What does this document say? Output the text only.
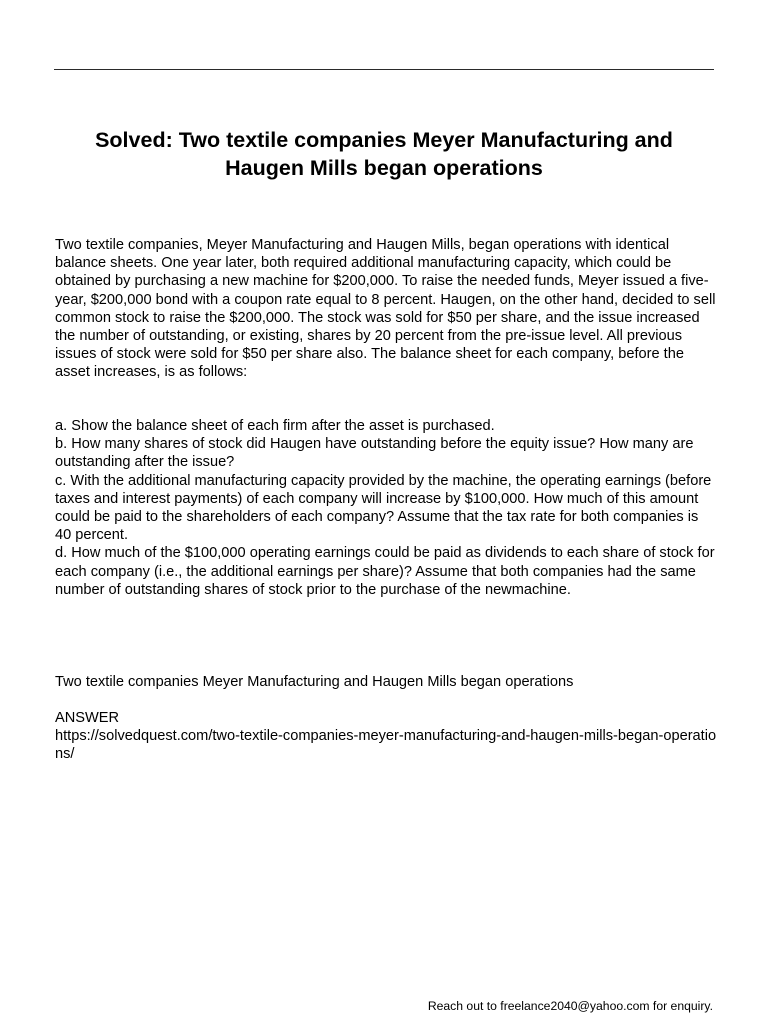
Solved: Two textile companies Meyer Manufacturing and Haugen Mills began operations

Two textile companies, Meyer Manufacturing and Haugen Mills, began operations with identical balance sheets. One year later, both required additional manufacturing capacity, which could be obtained by purchasing a new machine for $200,000. To raise the needed funds, Meyer issued a five-year, $200,000 bond with a coupon rate equal to 8 percent. Haugen, on the other hand, decided to sell common stock to raise the $200,000. The stock was sold for $50 per share, and the issue increased the number of outstanding, or existing, shares by 20 percent from the pre-issue level. All previous issues of stock were sold for $50 per share also. The balance sheet for each company, before the asset increases, is as follows:

a. Show the balance sheet of each firm after the asset is purchased.

b. How many shares of stock did Haugen have outstanding before the equity issue? How many are outstanding after the issue?

c. With the additional manufacturing capacity provided by the machine, the operating earnings (before taxes and interest payments) of each company will increase by $100,000. How much of this amount could be paid to the shareholders of each company? Assume that the tax rate for both companies is 40 percent.

d. How much of the $100,000 operating earnings could be paid as dividends to each share of stock for each company (i.e., the additional earnings per share)? Assume that both companies had the same number of outstanding shares of stock prior to the purchase of the newmachine.

Two textile companies Meyer Manufacturing and Haugen Mills began operations

ANSWER
https://solvedquest.com/two-textile-companies-meyer-manufacturing-and-haugen-mills-began-operations/

Reach out to freelance2040@yahoo.com for enquiry.
